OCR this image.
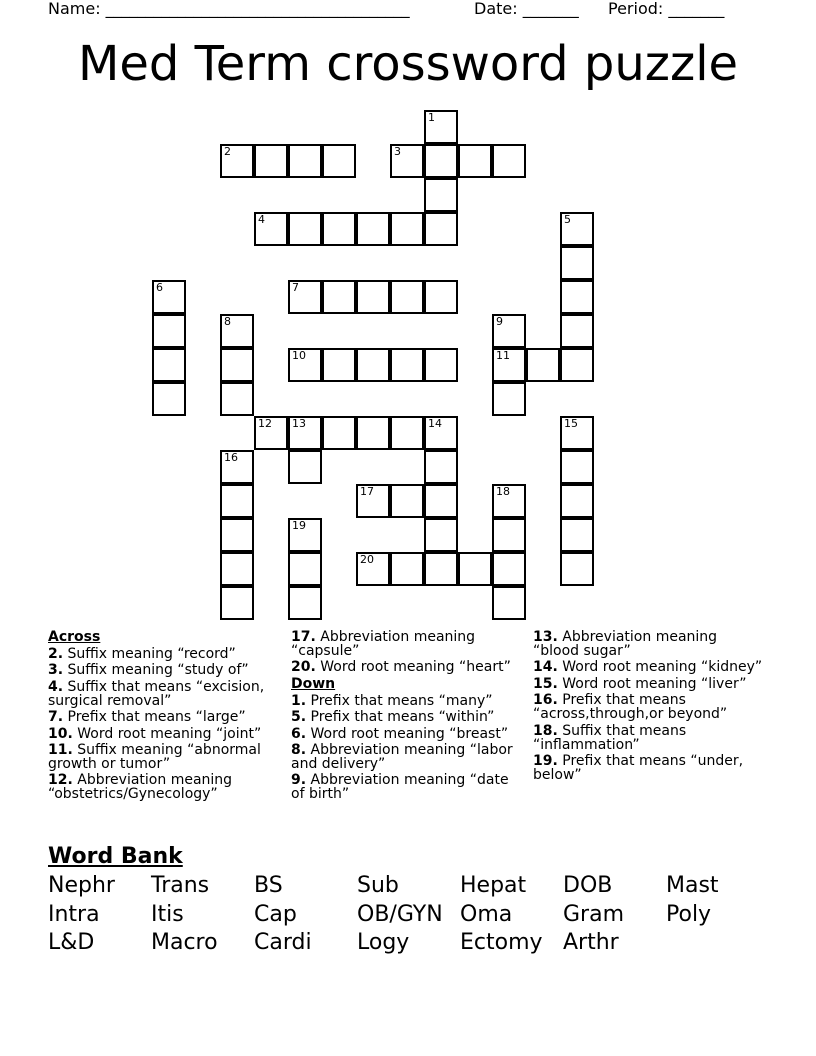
Name: ______________________________________	Date: _______ Period: _______
Med Term crossword puzzle
2	3
1
4	5
6	7
8	9
11
10
12 13	14	15
16
17	18
19
20
Across
2. Suffix meaning “record”
3. Suffix meaning “study of”
4. Suffix that means “excision, surgical removal”
7. Prefix that means “large”
10. Word root meaning “joint”
11. Suffix meaning “abnormal growth or tumor”
12. Abbreviation meaning “obstetrics/Gynecology”
17. Abbreviation meaning “capsule”
20. Word root meaning “heart”
Down
1. Prefix that means “many”
5. Prefix that means “within”
6. Word root meaning “breast”
8. Abbreviation meaning “labor and delivery”
9. Abbreviation meaning “date of birth”
13. Abbreviation meaning “blood sugar”
14. Word root meaning “kidney”
15. Word root meaning “liver”
16. Prefix that means “across,through,or beyond”
18. Suffix that means “inflammation”
19. Prefix that means “under, below”
Word Bank
Nephr Trans BS	Sub	Hepat DOB Mast
Intra Itis	Cap	OB/GYN Oma Gram Poly
L&D	Macro Cardi Logy Ectomy Arthr
